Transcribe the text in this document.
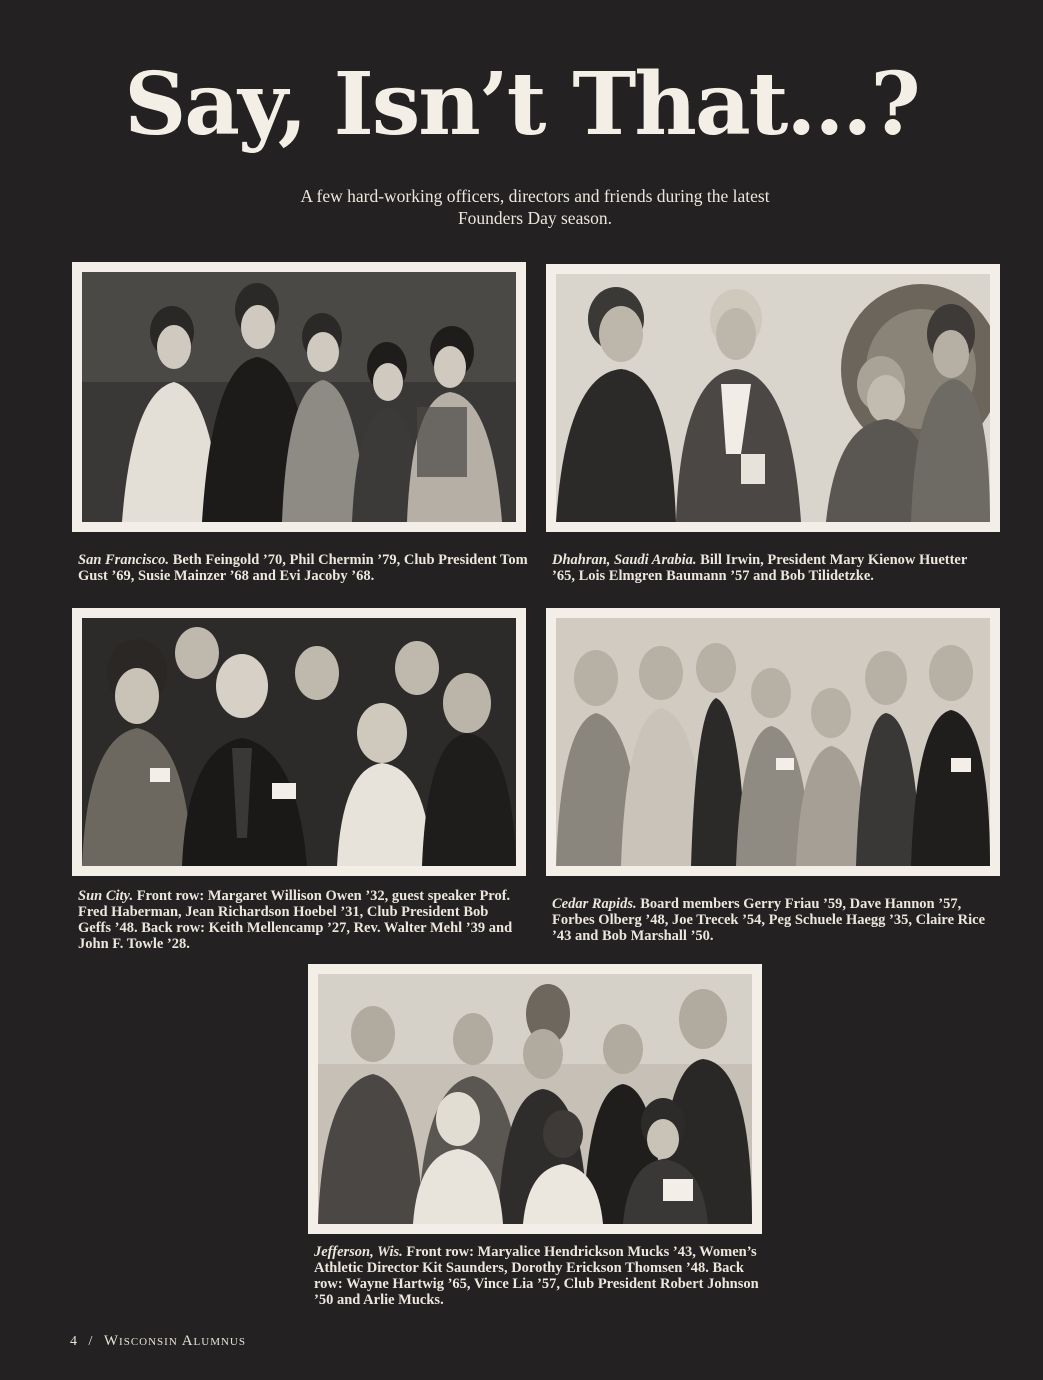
Say, Isn’t That…?
A few hard-working officers, directors and friends during the latest Founders Day season.
San Francisco. Beth Feingold ’70, Phil Chermin ’79, Club President Tom Gust ’69, Susie Mainzer ’68 and Evi Jacoby ’68.
Dhahran, Saudi Arabia. Bill Irwin, President Mary Kienow Huetter ’65, Lois Elmgren Baumann ’57 and Bob Tilidetzke.
Sun City. Front row: Margaret Willison Owen ’32, guest speaker Prof. Fred Haberman, Jean Richardson Hoebel ’31, Club President Bob Geffs ’48. Back row: Keith Mellencamp ’27, Rev. Walter Mehl ’39 and John F. Towle ’28.
Cedar Rapids. Board members Gerry Friau ’59, Dave Hannon ’57, Forbes Olberg ’48, Joe Trecek ’54, Peg Schuele Haegg ’35, Claire Rice ’43 and Bob Marshall ’50.
Jefferson, Wis. Front row: Maryalice Hendrickson Mucks ’43, Women’s Athletic Director Kit Saunders, Dorothy Erickson Thomsen ’48. Back row: Wayne Hartwig ’65, Vince Lia ’57, Club President Robert Johnson ’50 and Arlie Mucks.
4 / Wisconsin Alumnus
